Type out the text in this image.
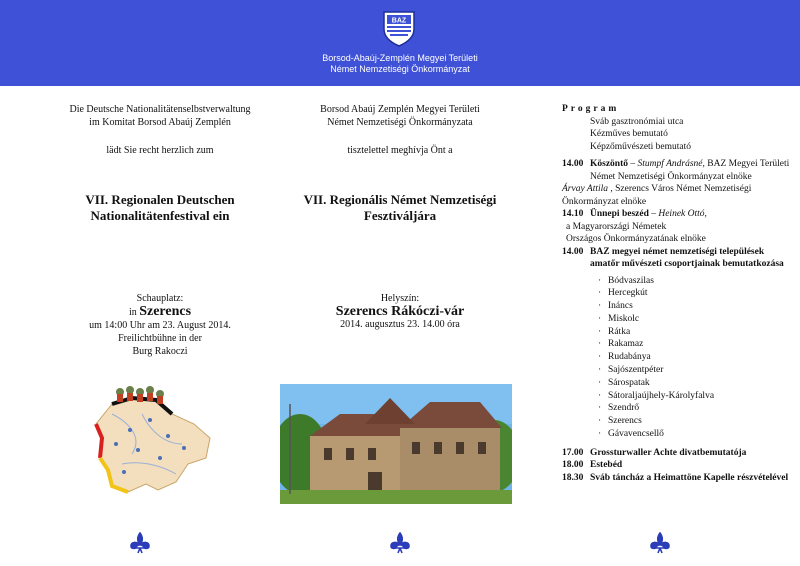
BAZ
Borsod-Abaúj-Zemplén Megyei Területi
Német Nemzetiségi Önkormányzat
Die Deutsche Nationalitätenselbstverwaltung
im Komitat Borsod Abaúj Zemplén
lädt Sie recht herzlich zum
VII. Regionalen Deutschen
Nationalitätenfestival ein
Schauplatz:
in Szerencs
um 14:00 Uhr am 23. August 2014.
Freilichtbühne in der
Burg Rakoczi
Borsod Abaúj Zemplén Megyei Területi
Német Nemzetiségi Önkormányzata
tisztelettel meghívja Önt a
VII. Regionális Német Nemzetiségi
Fesztiváljára
Helyszín:
Szerencs Rákóczi-vár
2014. augusztus 23. 14.00 óra
Program
Sváb gasztronómiai utca
Kézműves bemutató
Képzőművészeti bemutató
14.00 Köszöntő – Stumpf Andrásné, BAZ Megyei Területi Német Nemzetiségi Önkormányzat elnöke
Árvay Attila , Szerencs Város Német Nemzetiségi Önkormányzat elnöke
14.10 Ünnepi beszéd – Heinek Ottó,
a Magyarországi Németek
Országos Önkormányzatának elnöke
14.00 BAZ megyei német nemzetiségi települések amatőr művészeti csoportjainak bemutatkozása
· Bódvaszilas
· Hercegkút
· Ináncs
· Miskolc
· Rátka
· Rakamaz
· Rudabánya
· Sajószentpéter
· Sárospatak
· Sátoraljaújhely-Károlyfalva
· Szendrő
· Szerencs
· Gávavencsellő
17.00 Grossturwaller Achte divatbemutatója
18.00 Estebéd
18.30 Sváb táncház a Heimattöne Kapelle részvételével
